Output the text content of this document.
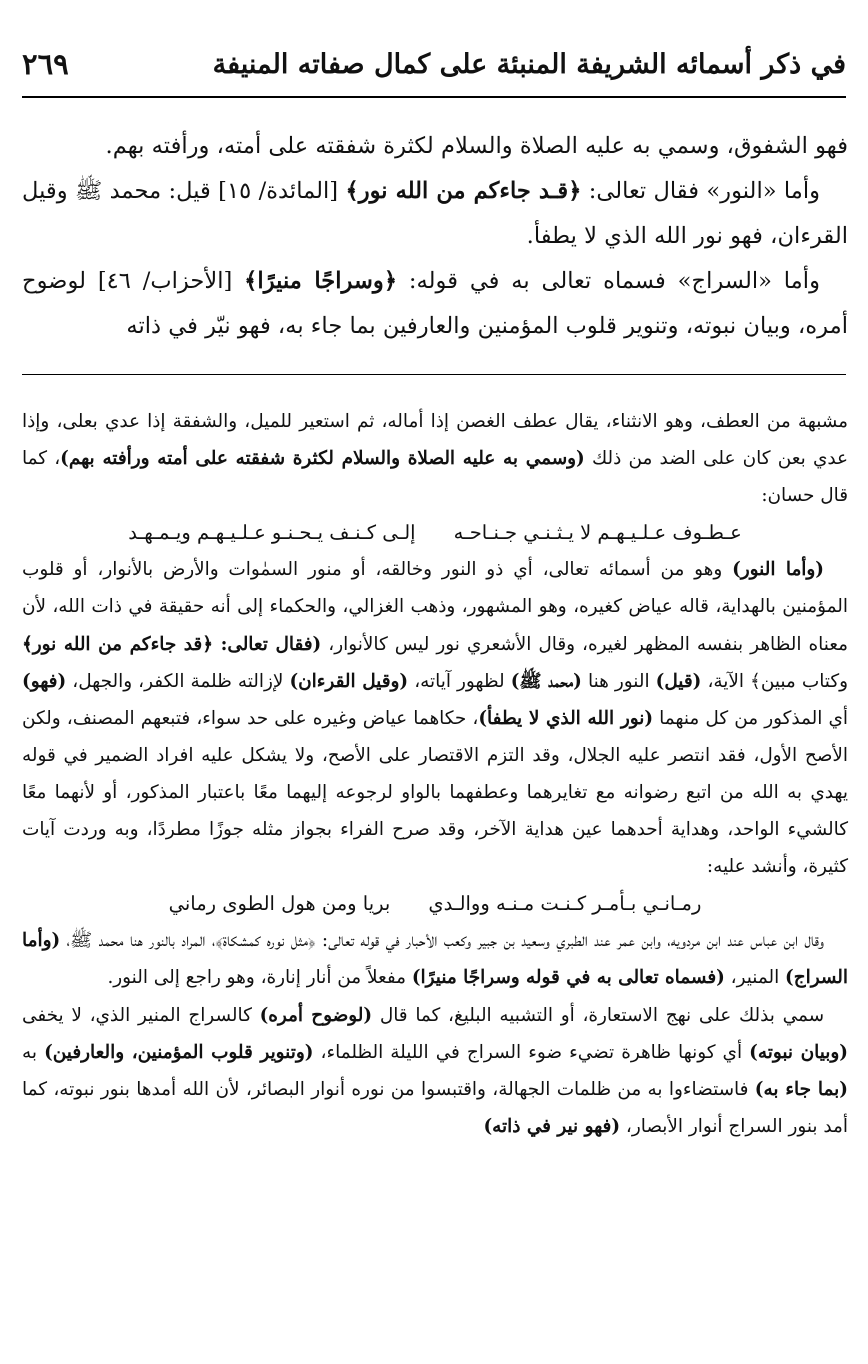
في ذكر أسمائه الشريفة المنبئة على كمال صفاته المنيفة
٢٦٩

فهو الشفوق، وسمي به عليه الصلاة والسلام لكثرة شفقته على أمته، ورأفته بهم.

وأما «النور» فقال تعالى: ﴿قـد جاءكم من الله نور﴾ [المائدة/ ١٥] قيل: محمد ﷺ وقيل القرءان، فهو نور الله الذي لا يطفأ.

وأما «السراج» فسماه تعالى به في قوله: ﴿وسراجًا منيرًا﴾ [الأحزاب/ ٤٦] لوضوح أمره، وبيان نبوته، وتنوير قلوب المؤمنين والعارفين بما جاء به، فهو نيّر في ذاته

مشبهة من العطف، وهو الانثناء، يقال عطف الغصن إذا أماله، ثم استعير للميل، والشفقة إذا عدي بعلى، وإذا عدي بعن كان على الضد من ذلك (وسمي به عليه الصلاة والسلام لكثرة شفقته على أمته ورأفته بهم)، كما قال حسان:

عـطـوف عـلـيـهـم لا يـثـنـي جـنـاحـه
إلـى كـنـف يـحـنـو عـلـيـهـم ويـمـهـد

(وأما النور) وهو من أسمائه تعالى، أي ذو النور وخالقه، أو منور السمٰوات والأرض بالأنوار، أو قلوب المؤمنين بالهداية، قاله عياض كغيره، وهو المشهور، وذهب الغزالي، والحكماء إلى أنه حقيقة في ذات الله، لأن معناه الظاهر بنفسه المظهر لغيره، وقال الأشعري نور ليس كالأنوار، (فقال تعالى: ﴿قد جاءكم من الله نور﴾ وكتاب مبين﴾ الآية، (قيل) النور هنا (محمد ﷺ) لظهور آياته، (وقيل القرءان) لإزالته ظلمة الكفر، والجهل، (فهو) أي المذكور من كل منهما (نور الله الذي لا يطفأ)، حكاهما عياض وغيره على حد سواء، فتبعهم المصنف، ولكن الأصح الأول، فقد انتصر عليه الجلال، وقد التزم الاقتصار على الأصح، ولا يشكل عليه افراد الضمير في قوله يهدي به الله من اتبع رضوانه مع تغايرهما وعطفهما بالواو لرجوعه إليهما معًا باعتبار المذكور، أو لأنهما معًا كالشيء الواحد، وهداية أحدهما عين هداية الآخر، وقد صرح الفراء بجواز مثله جوزًا مطردًا، وبه وردت آيات كثيرة، وأنشد عليه:

رمـانـي بـأمـر كـنـت مـنـه ووالـدي
بريا ومن هول الطوى رماني

وقال ابن عباس عند ابن مردويه، وابن عمر عند الطبري وسعيد بن جبير وكعب الأحبار في قوله تعالى: ﴿مثل نوره كمشكاة﴾، المراد بالنور هنا محمد ﷺ، (وأما السراج) المنير، (فسماه تعالى به في قوله وسراجًا منيرًا) مفعلاً من أنار إنارة، وهو راجع إلى النور.

سمي بذلك على نهج الاستعارة، أو التشبيه البليغ، كما قال (لوضوح أمره) كالسراج المنير الذي، لا يخفى (وبيان نبوته) أي كونها ظاهرة تضيء ضوء السراج في الليلة الظلماء، (وتنوير قلوب المؤمنين، والعارفين) به (بما جاء به) فاستضاءوا به من ظلمات الجهالة، واقتبسوا من نوره أنوار البصائر، لأن الله أمدها بنور نبوته، كما أمد بنور السراج أنوار الأبصار، (فهو نير في ذاته)
